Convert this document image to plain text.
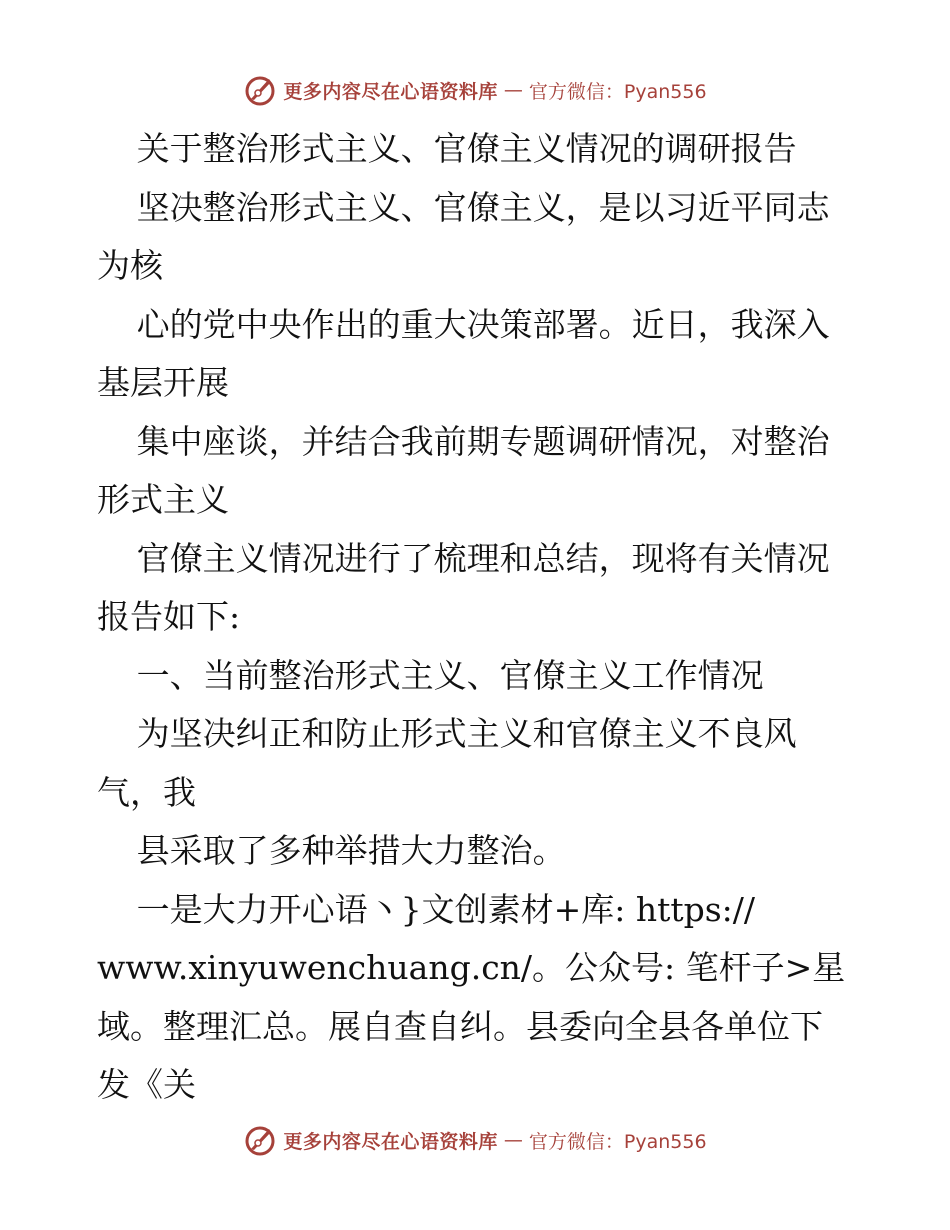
更多内容尽在心语资料库 — 官方微信：Pyan556

关于整治形式主义、官僚主义情况的调研报告

坚决整治形式主义、官僚主义，是以习近平同志

为核

心的党中央作出的重大决策部署。近日，我深入

基层开展

集中座谈，并结合我前期专题调研情况，对整治

形式主义

官僚主义情况进行了梳理和总结，现将有关情况

报告如下:

一、当前整治形式主义、官僚主义工作情况

为坚决纠正和防止形式主义和官僚主义不良风

气，我

县采取了多种举措大力整治。

一是大力开心语丶}文创素材+库: https://

www.xinyuwenchuang.cn/。公众号: 笔杆子>星

域。整理汇总。展自查自纠。县委向全县各单位下

发《关

更多内容尽在心语资料库 — 官方微信：Pyan556
